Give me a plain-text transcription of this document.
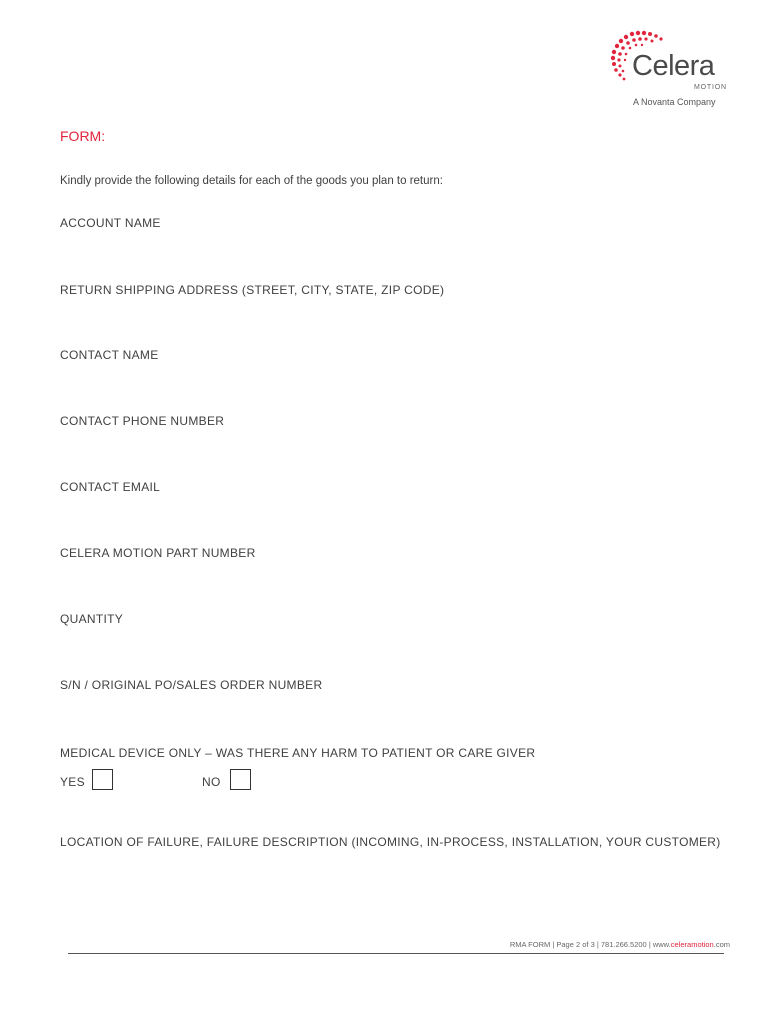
Celera
MOTION
A Novanta Company
FORM:
Kindly provide the following details for each of the goods you plan to return:
ACCOUNT NAME
RETURN SHIPPING ADDRESS (STREET, CITY, STATE, ZIP CODE)
CONTACT NAME
CONTACT PHONE NUMBER
CONTACT EMAIL
CELERA MOTION PART NUMBER
QUANTITY
S/N / ORIGINAL PO/SALES ORDER NUMBER
MEDICAL DEVICE ONLY – WAS THERE ANY HARM TO PATIENT OR CARE GIVER
YES	NO
LOCATION OF FAILURE, FAILURE DESCRIPTION (INCOMING, IN-PROCESS, INSTALLATION, YOUR CUSTOMER)
RMA FORM | Page 2 of 3 | 781.266.5200 | www.celeramotion.com
